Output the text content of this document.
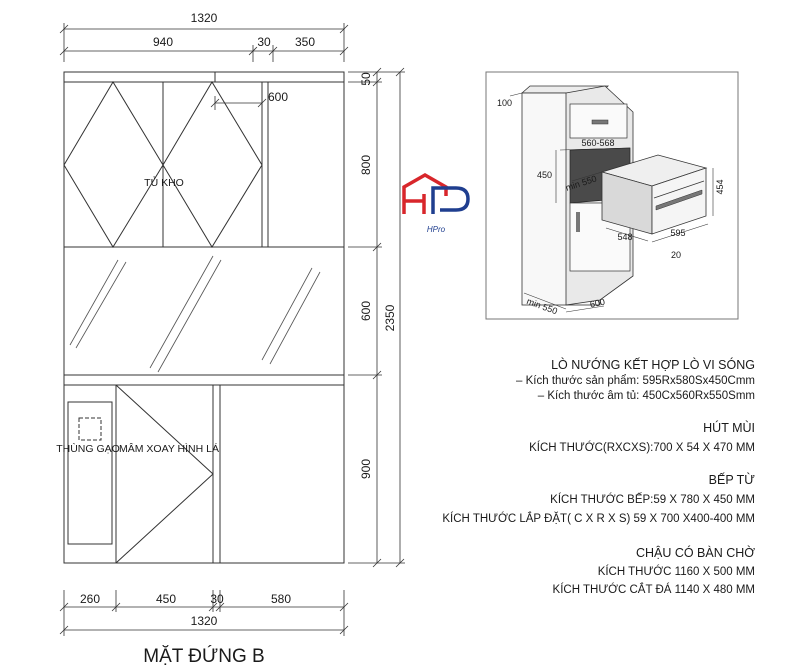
1320
940	30 350
600
TỦ KHO
THÙNG GẠO MÂM XOAY HÌNH LÁ
50
800
600
900
2350
260	450	30	580
1320
MẶT ĐỨNG B
HPro
100
560-568
450 min 550	454
548	595
20
min 550	600
LÒ NƯỚNG KẾT HỢP LÒ VI SÓNG
– Kích thước sản phẩm: 595Rx580Sx450Cmm
– Kích thước âm tủ: 450Cx560Rx550Smm
HÚT MÙI
KÍCH THƯỚC(RXCXS):700 X 54 X 470 MM
BẾP TỪ
KÍCH THƯỚC BẾP:59 X 780 X 450 MM
KÍCH THƯỚC LẮP ĐẶT( C X R X S) 59 X 700 X400-400 MM
CHẬU CÓ BÀN CHỜ
KÍCH THƯỚC 1160 X 500 MM
KÍCH THƯỚC CẮT ĐÁ 1140 X 480 MM
